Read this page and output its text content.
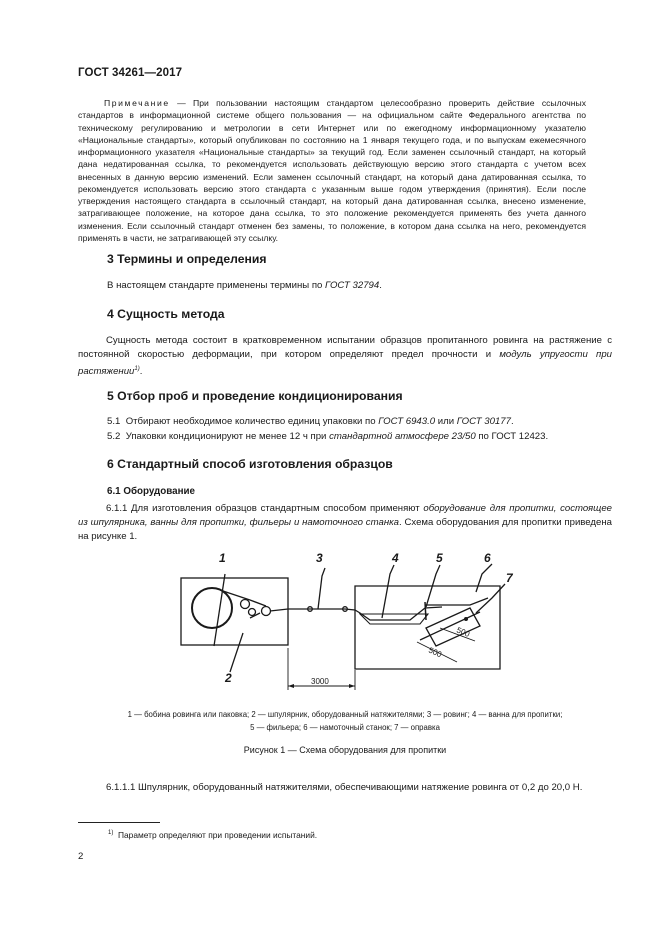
ГОСТ 34261—2017

Примечание — При пользовании настоящим стандартом целесообразно проверить действие ссылочных стандартов в информационной системе общего пользования — на официальном сайте Федерального агентства по техническому регулированию и метрологии в сети Интернет или по ежегодному информационному указателю «Национальные стандарты», который опубликован по состоянию на 1 января текущего года, и по выпускам ежемесячного информационного указателя «Национальные стандарты» за текущий год. Если заменен ссылочный стандарт, на который дана недатированная ссылка, то рекомендуется использовать действующую версию этого стандарта с учетом всех внесенных в данную версию изменений. Если заменен ссылочный стандарт, на который дана датированная ссылка, то рекомендуется использовать версию этого стандарта с указанным выше годом утверждения (принятия). Если после утверждения настоящего стандарта в ссылочный стандарт, на который дана датированная ссылка, внесено изменение, затрагивающее положение, на которое дана ссылка, то это положение рекомендуется применять без учета данного изменения. Если ссылочный стандарт отменен без замены, то положение, в котором дана ссылка на него, рекомендуется применять в части, не затрагивающей эту ссылку.

3 Термины и определения
В настоящем стандарте применены термины по ГОСТ 32794.
4 Сущность метода

Сущность метода состоит в кратковременном испытании образцов пропитанного ровинга на растяжение с постоянной скоростью деформации, при котором определяют предел прочности и модуль упругости при растяжении$^{1)}$.

5 Отбор проб и проведение кондиционирования
5.1 Отбирают необходимое количество единиц упаковки по ГОСТ 6943.0 или ГОСТ 30177.
5.2 Упаковки кондиционируют не менее 12 ч при стандартной атмосфере 23/50 по ГОСТ 12423.
6 Стандартный способ изготовления образцов
6.1 Оборудование

6.1.1 Для изготовления образцов стандартным способом применяют оборудование для пропитки, состоящее из шпулярника, ванны для пропитки, фильеры и намоточного станка. Схема оборудования для пропитки приведена на рисунке 1.

1
2
3	4	5	6
7
3000
500
500
1 — бобина ровинга или паковка; 2 — шпулярник, оборудованный натяжителями; 3 — ровинг; 4 — ванна для пропитки;
5 — фильера; 6 — намоточный станок; 7 — оправка
Рисунок 1 — Схема оборудования для пропитки

6.1.1.1 Шпулярник, оборудованный натяжителями, обеспечивающими натяжение ровинга от 0,2 до 20,0 Н.

$^{1)}$ Параметр определяют при проведении испытаний.
2
